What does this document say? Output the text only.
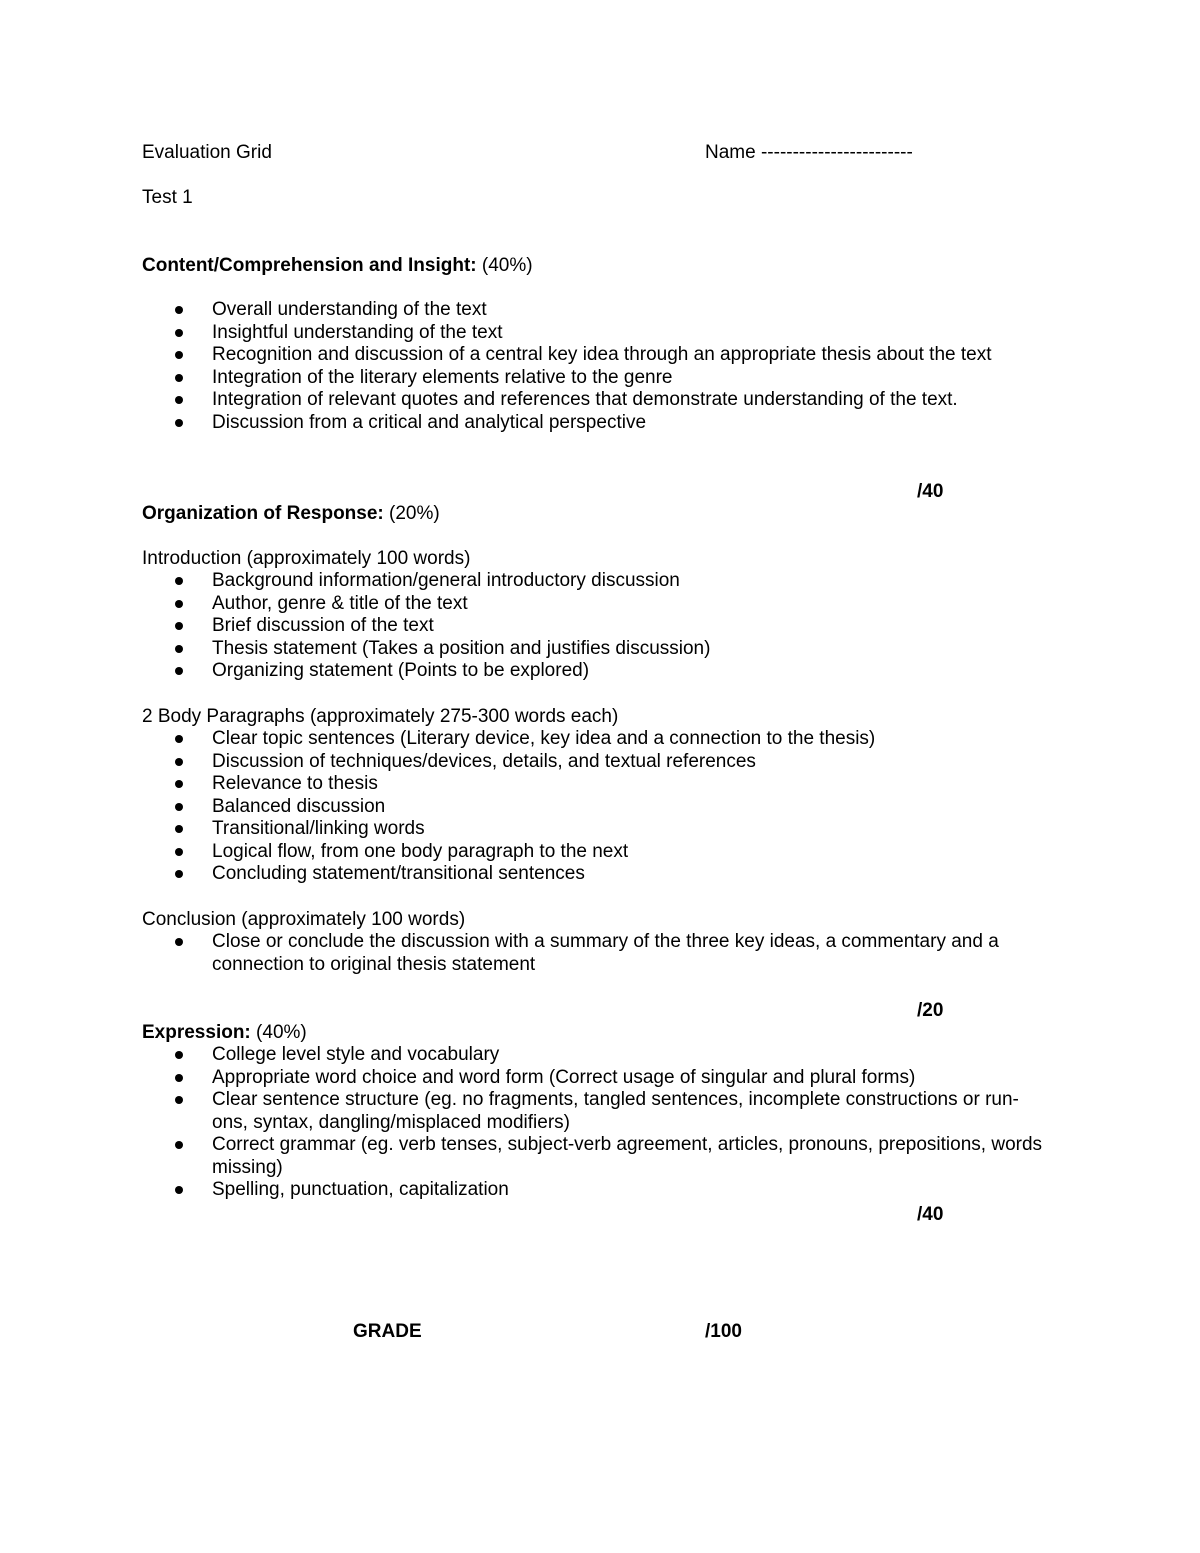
Evaluation Grid	Name ------------------------
Test 1
Content/Comprehension and Insight: (40%)
Overall understanding of the text
Insightful understanding of the text
Recognition and discussion of a central key idea through an appropriate thesis about the text
Integration of the literary elements relative to the genre
Integration of relevant quotes and references that demonstrate understanding of the text.
Discussion from a critical and analytical perspective
/40
Organization of Response: (20%)
Introduction (approximately 100 words)
Background information/general introductory discussion
Author, genre & title of the text
Brief discussion of the text
Thesis statement (Takes a position and justifies discussion)
Organizing statement (Points to be explored)
2 Body Paragraphs (approximately 275-300 words each)
Clear topic sentences (Literary device, key idea and a connection to the thesis)
Discussion of techniques/devices, details, and textual references
Relevance to thesis
Balanced discussion
Transitional/linking words
Logical flow, from one body paragraph to the next
Concluding statement/transitional sentences
Conclusion (approximately 100 words)
Close or conclude the discussion with a summary of the three key ideas, a commentary and a connection to original thesis statement
/20
Expression: (40%)
College level style and vocabulary
Appropriate word choice and word form (Correct usage of singular and plural forms)
Clear sentence structure (eg. no fragments, tangled sentences, incomplete constructions or run-ons, syntax, dangling/misplaced modifiers)
Correct grammar (eg. verb tenses, subject-verb agreement, articles, pronouns, prepositions, words missing)
Spelling, punctuation, capitalization
/40
GRADE	/100
